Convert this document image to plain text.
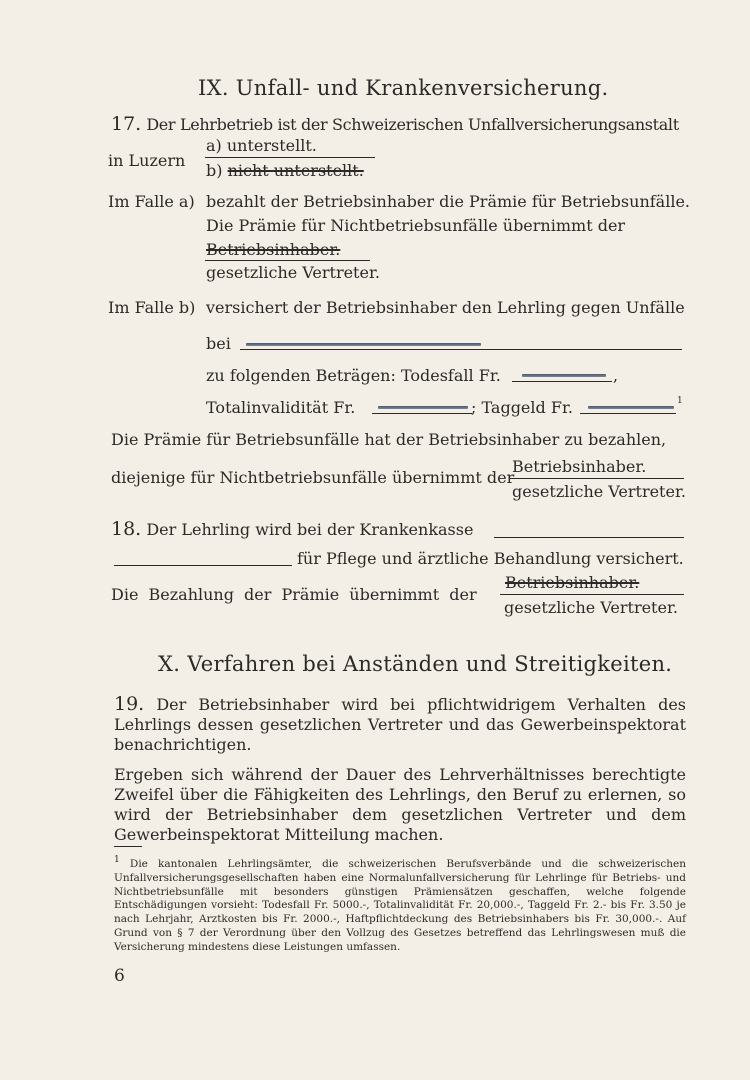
IX. Unfall- und Krankenversicherung.
17. Der Lehrbetrieb ist der Schweizerischen Unfallversicherungsanstalt
in Luzern
a) unterstellt.
b) nicht unterstellt.
Im Falle a) bezahlt der Betriebsinhaber die Prämie für Betriebsunfälle.
Die Prämie für Nichtbetriebsunfälle übernimmt der
Betriebsinhaber.
gesetzliche Vertreter.
Im Falle b) versichert der Betriebsinhaber den Lehrling gegen Unfälle
bei
zu folgenden Beträgen: Todesfall Fr.	,
Totalinvalidität Fr.	; Taggeld Fr.	1
Die Prämie für Betriebsunfälle hat der Betriebsinhaber zu bezahlen,
diejenige für Nichtbetriebsunfälle übernimmt der
Betriebsinhaber.
gesetzliche Vertreter.
18. Der Lehrling wird bei der Krankenkasse
für Pflege und ärztliche Behandlung versichert.
Die Bezahlung der Prämie übernimmt der
Betriebsinhaber.
gesetzliche Vertreter.
X. Verfahren bei Anständen und Streitigkeiten.
19. Der Betriebsinhaber wird bei pflichtwidrigem Verhalten des Lehrlings dessen gesetzlichen Vertreter und das Gewerbeinspektorat benachrichtigen.
Ergeben sich während der Dauer des Lehrverhältnisses berechtigte Zweifel über die Fähigkeiten des Lehrlings, den Beruf zu erlernen, so wird der Betriebsinhaber dem gesetzlichen Vertreter und dem Gewerbeinspektorat Mitteilung machen.
1 Die kantonalen Lehrlingsämter, die schweizerischen Berufsverbände und die schweizerischen Unfallversicherungsgesellschaften haben eine Normalunfallversicherung für Lehrlinge für Betriebs- und Nichtbetriebsunfälle mit besonders günstigen Prämiensätzen geschaffen, welche folgende Entschädigungen vorsieht: Todesfall Fr. 5000.-, Totalinvalidität Fr. 20,000.-, Taggeld Fr. 2.- bis Fr. 3.50 je nach Lehrjahr, Arztkosten bis Fr. 2000.-, Haftpflichtdeckung des Betriebsinhabers bis Fr. 30,000.-. Auf Grund von § 7 der Verordnung über den Vollzug des Gesetzes betreffend das Lehrlingswesen muß die Versicherung mindestens diese Leistungen umfassen.
6
